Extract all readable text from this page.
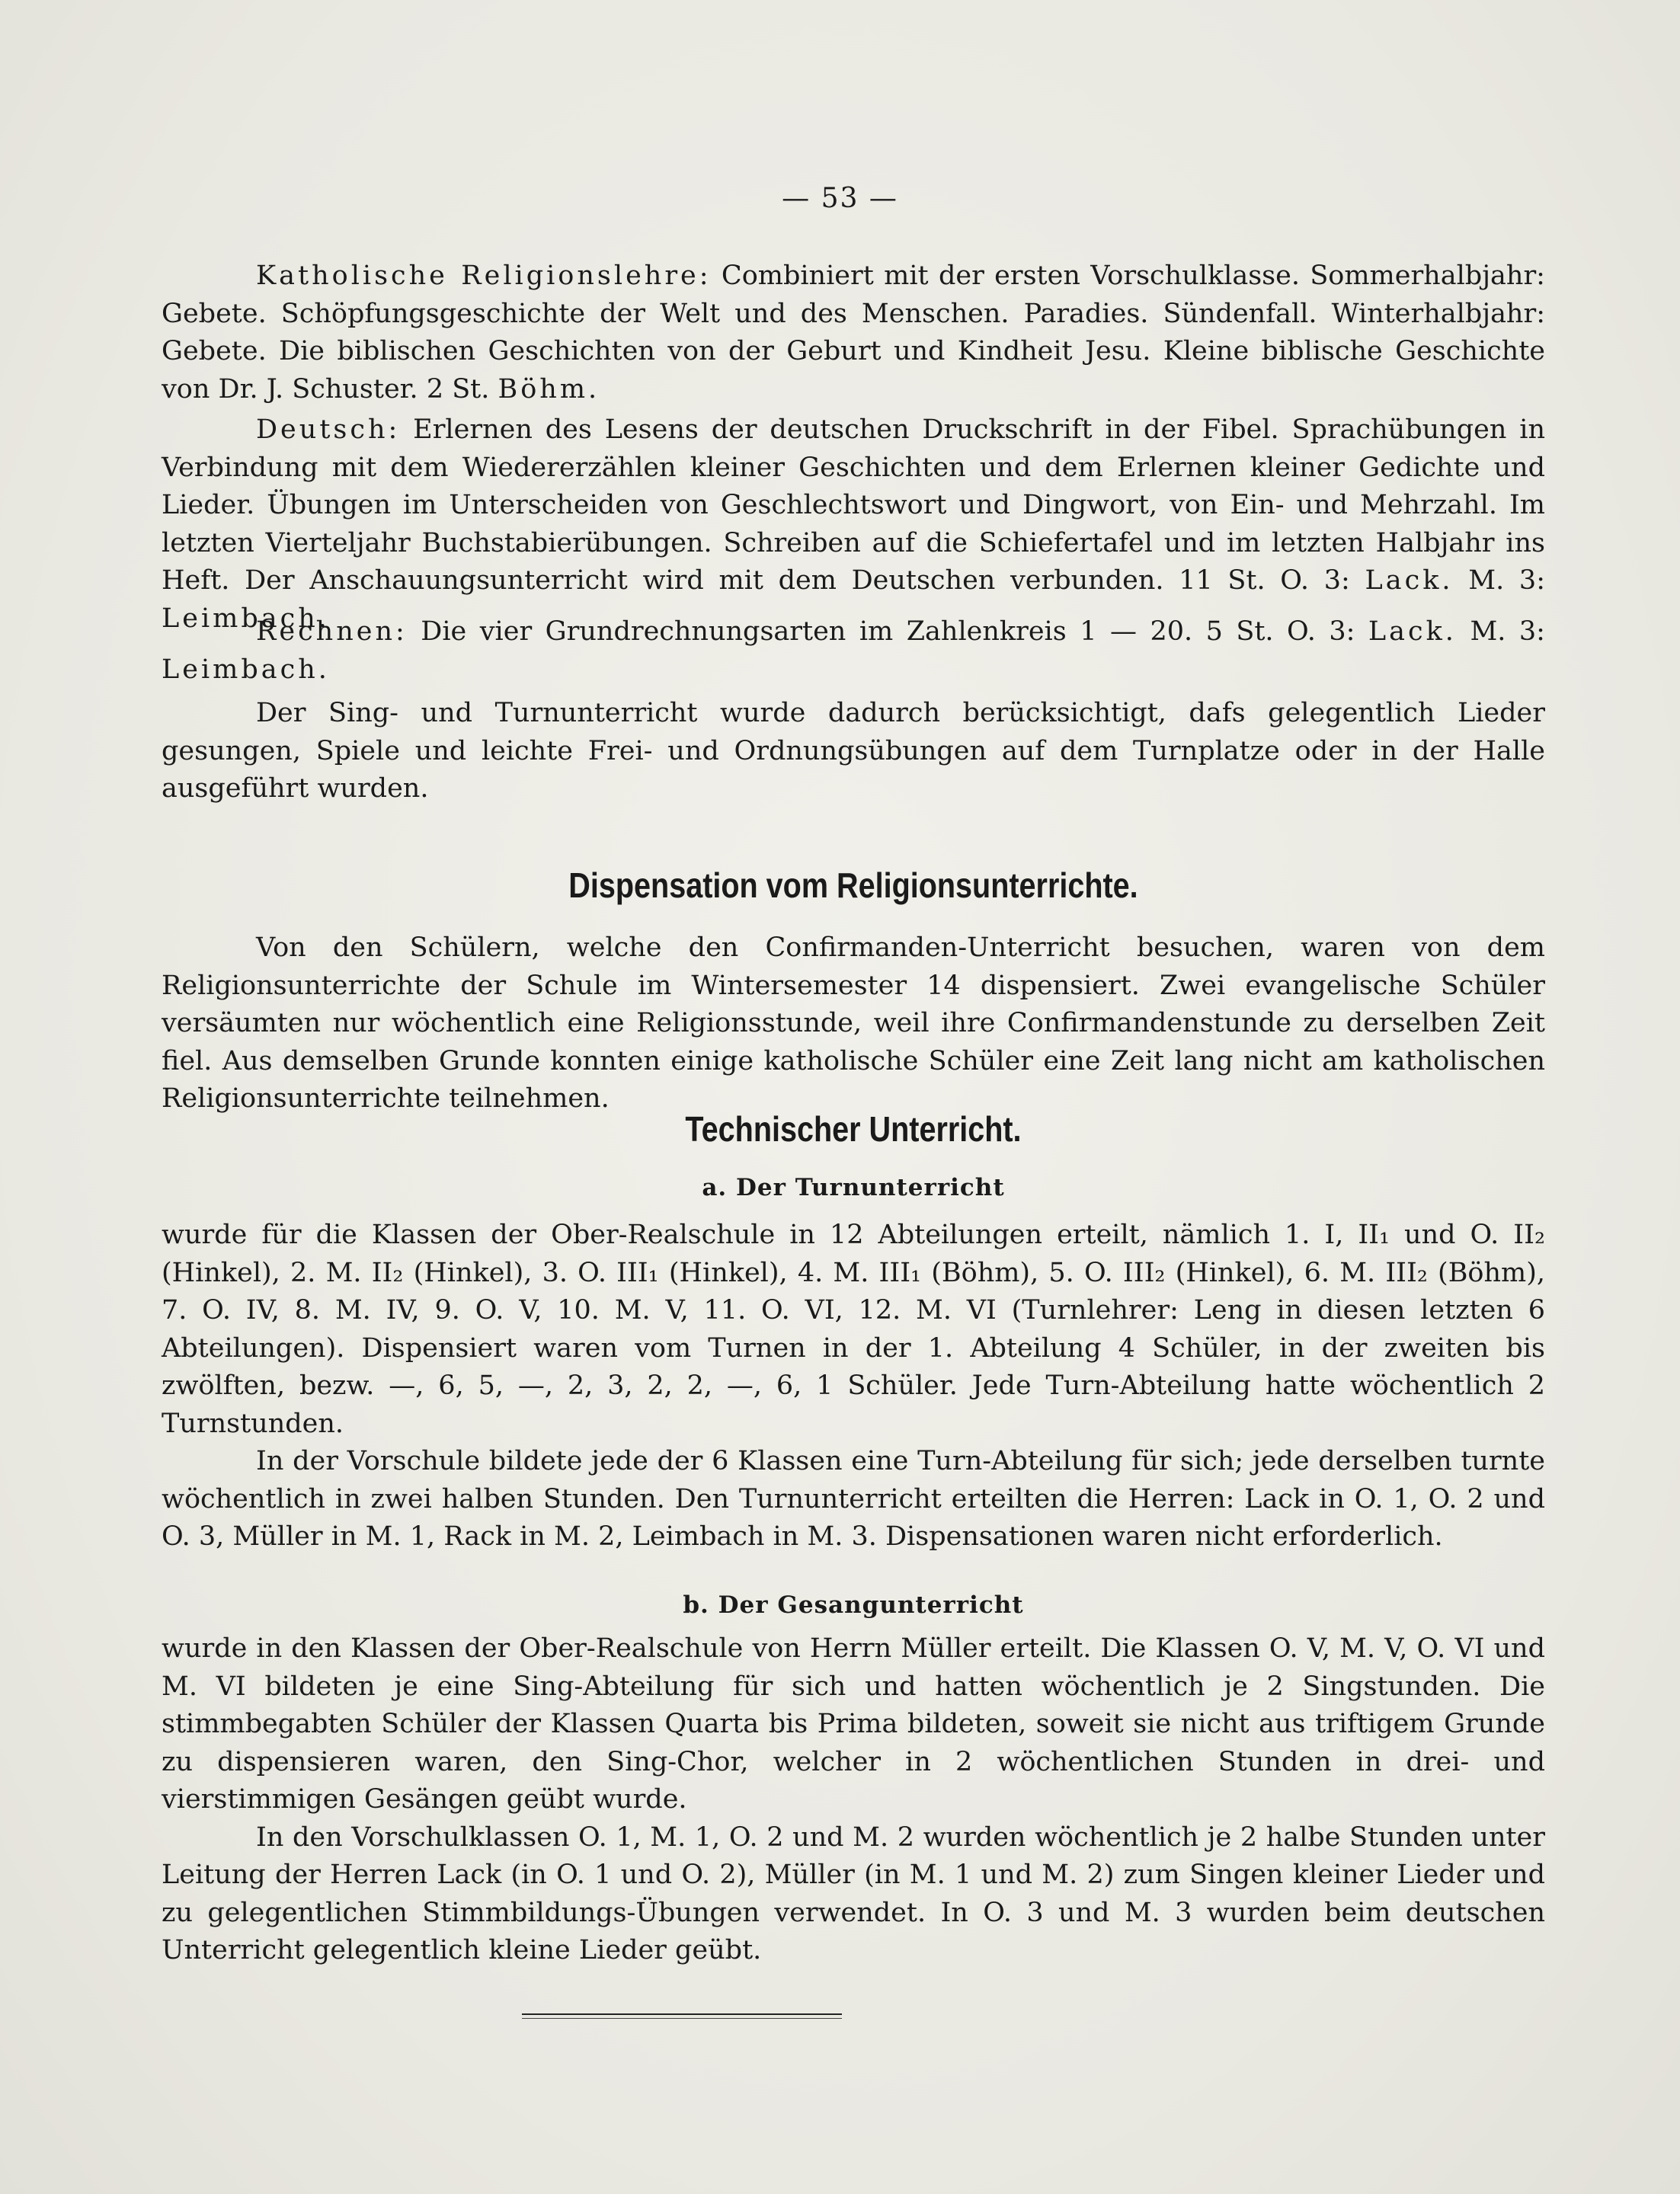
— 53 —

Katholische Religionslehre: Combiniert mit der ersten Vorschulklasse. Sommerhalbjahr: Gebete. Schöpfungsgeschichte der Welt und des Menschen. Paradies. Sündenfall. Winterhalbjahr: Gebete. Die biblischen Geschichten von der Geburt und Kindheit Jesu. Kleine biblische Geschichte von Dr. J. Schuster. 2 St. Böhm.

Deutsch: Erlernen des Lesens der deutschen Druckschrift in der Fibel. Sprachübungen in Verbindung mit dem Wiedererzählen kleiner Geschichten und dem Erlernen kleiner Gedichte und Lieder. Übungen im Unterscheiden von Geschlechtswort und Dingwort, von Ein- und Mehrzahl. Im letzten Vierteljahr Buchstabierübungen. Schreiben auf die Schiefertafel und im letzten Halbjahr ins Heft. Der Anschauungsunterricht wird mit dem Deutschen verbunden. 11 St. O. 3: Lack. M. 3: Leimbach.

Rechnen: Die vier Grundrechnungsarten im Zahlenkreis 1 — 20. 5 St. O. 3: Lack. M. 3: Leimbach.

Der Sing- und Turnunterricht wurde dadurch berücksichtigt, dafs gelegentlich Lieder gesungen, Spiele und leichte Frei- und Ordnungsübungen auf dem Turnplatze oder in der Halle ausgeführt wurden.

Dispensation vom Religionsunterrichte.

Von den Schülern, welche den Confirmanden-Unterricht besuchen, waren von dem Religionsunterrichte der Schule im Wintersemester 14 dispensiert. Zwei evangelische Schüler versäumten nur wöchentlich eine Religionsstunde, weil ihre Confirmandenstunde zu derselben Zeit fiel. Aus demselben Grunde konnten einige katholische Schüler eine Zeit lang nicht am katholischen Religionsunterrichte teilnehmen.

Technischer Unterricht.
a. Der Turnunterricht

wurde für die Klassen der Ober-Realschule in 12 Abteilungen erteilt, nämlich 1. I, II₁ und O. II₂ (Hinkel), 2. M. II₂ (Hinkel), 3. O. III₁ (Hinkel), 4. M. III₁ (Böhm), 5. O. III₂ (Hinkel), 6. M. III₂ (Böhm), 7. O. IV, 8. M. IV, 9. O. V, 10. M. V, 11. O. VI, 12. M. VI (Turnlehrer: Leng in diesen letzten 6 Abteilungen). Dispensiert waren vom Turnen in der 1. Abteilung 4 Schüler, in der zweiten bis zwölften, bezw. —, 6, 5, —, 2, 3, 2, 2, —, 6, 1 Schüler. Jede Turn-Abteilung hatte wöchentlich 2 Turnstunden.

In der Vorschule bildete jede der 6 Klassen eine Turn-Abteilung für sich; jede derselben turnte wöchentlich in zwei halben Stunden. Den Turnunterricht erteilten die Herren: Lack in O. 1, O. 2 und O. 3, Müller in M. 1, Rack in M. 2, Leimbach in M. 3. Dispensationen waren nicht erforderlich.

b. Der Gesangunterricht

wurde in den Klassen der Ober-Realschule von Herrn Müller erteilt. Die Klassen O. V, M. V, O. VI und M. VI bildeten je eine Sing-Abteilung für sich und hatten wöchentlich je 2 Singstunden. Die stimmbegabten Schüler der Klassen Quarta bis Prima bildeten, soweit sie nicht aus triftigem Grunde zu dispensieren waren, den Sing-Chor, welcher in 2 wöchentlichen Stunden in drei- und vierstimmigen Gesängen geübt wurde.

In den Vorschulklassen O. 1, M. 1, O. 2 und M. 2 wurden wöchentlich je 2 halbe Stunden unter Leitung der Herren Lack (in O. 1 und O. 2), Müller (in M. 1 und M. 2) zum Singen kleiner Lieder und zu gelegentlichen Stimmbildungs-Übungen verwendet. In O. 3 und M. 3 wurden beim deutschen Unterricht gelegentlich kleine Lieder geübt.
